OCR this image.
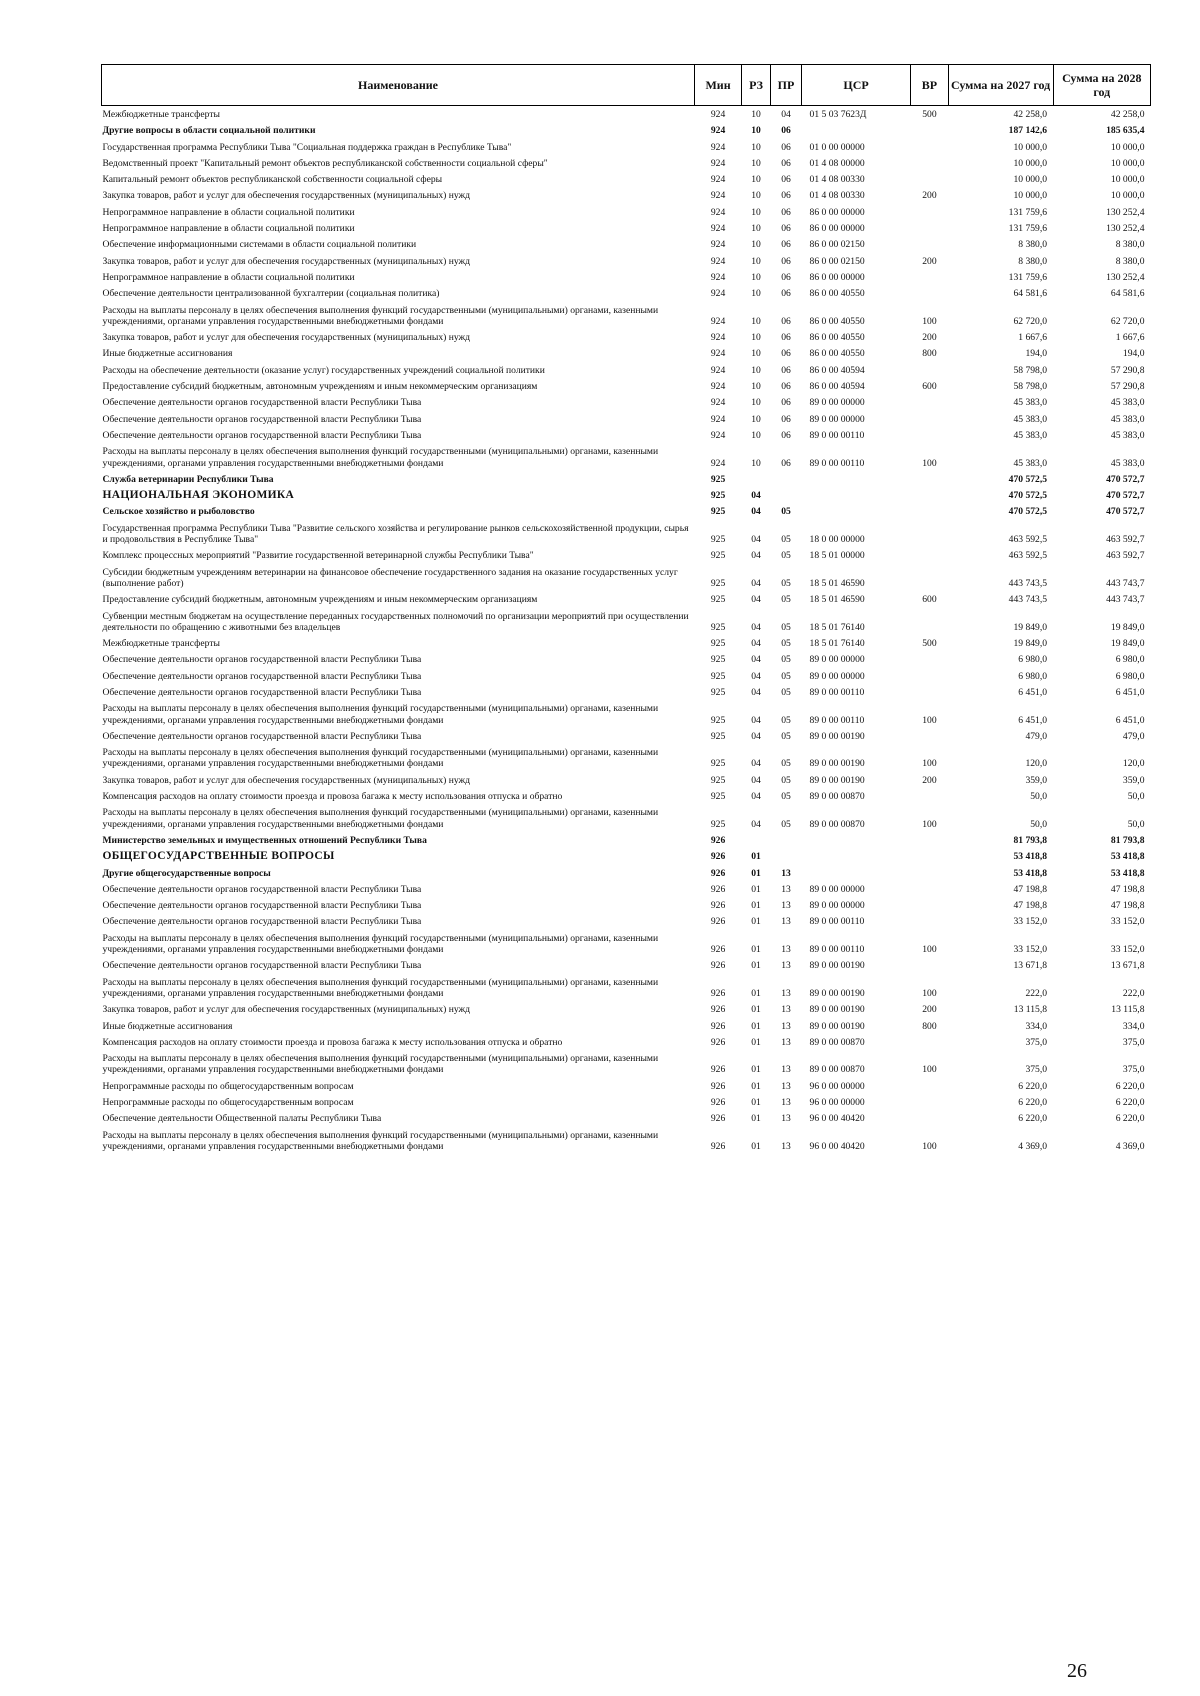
Наименование	Мин	РЗ	ПР	ЦСР	ВР	Сумма на 2027 год	Сумма на 2028 год
Межбюджетные трансферты	924	10	04	01 5 03 7623Д	500	42 258,0	42 258,0
Другие вопросы в области социальной политики	924	10	06			187 142,6	185 635,4
Государственная программа Республики Тыва "Социальная поддержка граждан в Республике Тыва"	924	10	06	01 0 00 00000		10 000,0	10 000,0
Ведомственный проект "Капитальный ремонт объектов республиканской собственности социальной сферы"	924	10	06	01 4 08 00000		10 000,0	10 000,0
Капитальный ремонт объектов республиканской собственности социальной сферы	924	10	06	01 4 08 00330		10 000,0	10 000,0
Закупка товаров, работ и услуг для обеспечения государственных (муниципальных) нужд	924	10	06	01 4 08 00330	200	10 000,0	10 000,0
Непрограммное направление в области социальной политики	924	10	06	86 0 00 00000		131 759,6	130 252,4
Непрограммное направление в области социальной политики	924	10	06	86 0 00 00000		131 759,6	130 252,4
Обеспечение информационными системами в области социальной политики	924	10	06	86 0 00 02150		8 380,0	8 380,0
Закупка товаров, работ и услуг для обеспечения государственных (муниципальных) нужд	924	10	06	86 0 00 02150	200	8 380,0	8 380,0
Непрограммное направление в области социальной политики	924	10	06	86 0 00 00000		131 759,6	130 252,4
Обеспечение деятельности централизованной бухгалтерии (социальная политика)	924	10	06	86 0 00 40550		64 581,6	64 581,6
Расходы на выплаты персоналу в целях обеспечения выполнения функций государственными (муниципальными) органами, казенными учреждениями, органами управления государственными внебюджетными фондами	924	10	06	86 0 00 40550	100	62 720,0	62 720,0
Закупка товаров, работ и услуг для обеспечения государственных (муниципальных) нужд	924	10	06	86 0 00 40550	200	1 667,6	1 667,6
Иные бюджетные ассигнования	924	10	06	86 0 00 40550	800	194,0	194,0
Расходы на обеспечение деятельности (оказание услуг) государственных учреждений социальной политики	924	10	06	86 0 00 40594		58 798,0	57 290,8
Предоставление субсидий бюджетным, автономным учреждениям и иным некоммерческим организациям	924	10	06	86 0 00 40594	600	58 798,0	57 290,8
Обеспечение деятельности органов государственной власти Республики Тыва	924	10	06	89 0 00 00000		45 383,0	45 383,0
Обеспечение деятельности органов государственной власти Республики Тыва	924	10	06	89 0 00 00000		45 383,0	45 383,0
Обеспечение деятельности органов государственной власти Республики Тыва	924	10	06	89 0 00 00110		45 383,0	45 383,0
Расходы на выплаты персоналу в целях обеспечения выполнения функций государственными (муниципальными) органами, казенными учреждениями, органами управления государственными внебюджетными фондами	924	10	06	89 0 00 00110	100	45 383,0	45 383,0
Служба ветеринарии Республики Тыва	925					470 572,5	470 572,7
НАЦИОНАЛЬНАЯ ЭКОНОМИКА	925	04				470 572,5	470 572,7
Сельское хозяйство и рыболовство	925	04	05			470 572,5	470 572,7
Государственная программа Республики Тыва "Развитие сельского хозяйства и регулирование рынков сельскохозяйственной продукции, сырья и продовольствия в Республике Тыва"	925	04	05	18 0 00 00000		463 592,5	463 592,7
Комплекс процессных мероприятий "Развитие государственной ветеринарной службы Республики Тыва"	925	04	05	18 5 01 00000		463 592,5	463 592,7
Субсидии бюджетным учреждениям ветеринарии на финансовое обеспечение государственного задания на оказание государственных услуг (выполнение работ)	925	04	05	18 5 01 46590		443 743,5	443 743,7
Предоставление субсидий бюджетным, автономным учреждениям и иным некоммерческим организациям	925	04	05	18 5 01 46590	600	443 743,5	443 743,7
Субвенции местным бюджетам на осуществление переданных государственных полномочий по организации мероприятий при осуществлении деятельности по обращению с животными без владельцев	925	04	05	18 5 01 76140		19 849,0	19 849,0
Межбюджетные трансферты	925	04	05	18 5 01 76140	500	19 849,0	19 849,0
Обеспечение деятельности органов государственной власти Республики Тыва	925	04	05	89 0 00 00000		6 980,0	6 980,0
Обеспечение деятельности органов государственной власти Республики Тыва	925	04	05	89 0 00 00000		6 980,0	6 980,0
Обеспечение деятельности органов государственной власти Республики Тыва	925	04	05	89 0 00 00110		6 451,0	6 451,0
Расходы на выплаты персоналу в целях обеспечения выполнения функций государственными (муниципальными) органами, казенными учреждениями, органами управления государственными внебюджетными фондами	925	04	05	89 0 00 00110	100	6 451,0	6 451,0
Обеспечение деятельности органов государственной власти Республики Тыва	925	04	05	89 0 00 00190		479,0	479,0
Расходы на выплаты персоналу в целях обеспечения выполнения функций государственными (муниципальными) органами, казенными учреждениями, органами управления государственными внебюджетными фондами	925	04	05	89 0 00 00190	100	120,0	120,0
Закупка товаров, работ и услуг для обеспечения государственных (муниципальных) нужд	925	04	05	89 0 00 00190	200	359,0	359,0
Компенсация расходов на оплату стоимости проезда и провоза багажа к месту использования отпуска и обратно	925	04	05	89 0 00 00870		50,0	50,0
Расходы на выплаты персоналу в целях обеспечения выполнения функций государственными (муниципальными) органами, казенными учреждениями, органами управления государственными внебюджетными фондами	925	04	05	89 0 00 00870	100	50,0	50,0
Министерство земельных и имущественных отношений Республики Тыва	926					81 793,8	81 793,8
ОБЩЕГОСУДАРСТВЕННЫЕ ВОПРОСЫ	926	01				53 418,8	53 418,8
Другие общегосударственные вопросы	926	01	13			53 418,8	53 418,8
Обеспечение деятельности органов государственной власти Республики Тыва	926	01	13	89 0 00 00000		47 198,8	47 198,8
Обеспечение деятельности органов государственной власти Республики Тыва	926	01	13	89 0 00 00000		47 198,8	47 198,8
Обеспечение деятельности органов государственной власти Республики Тыва	926	01	13	89 0 00 00110		33 152,0	33 152,0
Расходы на выплаты персоналу в целях обеспечения выполнения функций государственными (муниципальными) органами, казенными учреждениями, органами управления государственными внебюджетными фондами	926	01	13	89 0 00 00110	100	33 152,0	33 152,0
Обеспечение деятельности органов государственной власти Республики Тыва	926	01	13	89 0 00 00190		13 671,8	13 671,8
Расходы на выплаты персоналу в целях обеспечения выполнения функций государственными (муниципальными) органами, казенными учреждениями, органами управления государственными внебюджетными фондами	926	01	13	89 0 00 00190	100	222,0	222,0
Закупка товаров, работ и услуг для обеспечения государственных (муниципальных) нужд	926	01	13	89 0 00 00190	200	13 115,8	13 115,8
Иные бюджетные ассигнования	926	01	13	89 0 00 00190	800	334,0	334,0
Компенсация расходов на оплату стоимости проезда и провоза багажа к месту использования отпуска и обратно	926	01	13	89 0 00 00870		375,0	375,0
Расходы на выплаты персоналу в целях обеспечения выполнения функций государственными (муниципальными) органами, казенными учреждениями, органами управления государственными внебюджетными фондами	926	01	13	89 0 00 00870	100	375,0	375,0
Непрограммные расходы по общегосударственным вопросам	926	01	13	96 0 00 00000		6 220,0	6 220,0
Непрограммные расходы по общегосударственным вопросам	926	01	13	96 0 00 00000		6 220,0	6 220,0
Обеспечение деятельности Общественной палаты Республики Тыва	926	01	13	96 0 00 40420		6 220,0	6 220,0
Расходы на выплаты персоналу в целях обеспечения выполнения функций государственными (муниципальными) органами, казенными учреждениями, органами управления государственными внебюджетными фондами	926	01	13	96 0 00 40420	100	4 369,0	4 369,0
26
